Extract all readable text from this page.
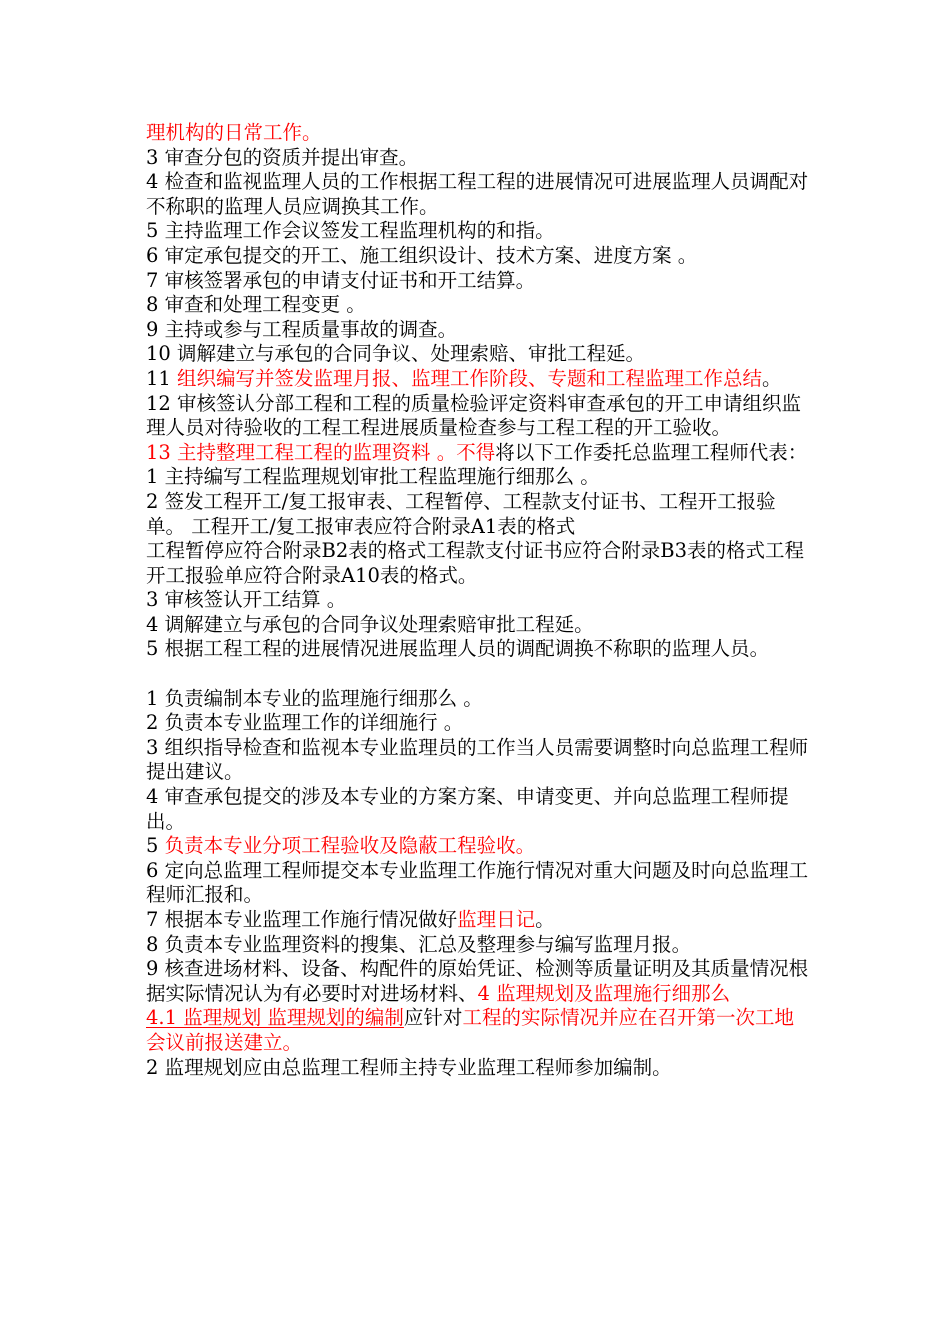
理机构的日常工作。

3 审查分包的资质并提出审查。

4 检查和监视监理人员的工作根据工程工程的进展情况可进展监理人员调配对不称职的监理人员应调换其工作。

5 主持监理工作会议签发工程监理机构的和指。

6 审定承包提交的开工、施工组织设计、技术方案、进度方案 。

7 审核签署承包的申请支付证书和开工结算。

8 审查和处理工程变更 。

9 主持或参与工程质量事故的调查。

10 调解建立与承包的合同争议、处理索赔、审批工程延。

11 组织编写并签发监理月报、监理工作阶段、专题和工程监理工作总结。

12 审核签认分部工程和工程的质量检验评定资料审查承包的开工申请组织监理人员对待验收的工程工程进展质量检查参与工程工程的开工验收。

13 主持整理工程工程的监理资料 。不得将以下工作委托总监理工程师代表：

1 主持编写工程监理规划审批工程监理施行细那么 。

2 签发工程开工/复工报审表、工程暂停、工程款支付证书、工程开工报验单。 工程开工/复工报审表应符合附录A1表的格式

工程暂停应符合附录B2表的格式工程款支付证书应符合附录B3表的格式工程开工报验单应符合附录A10表的格式。

3 审核签认开工结算 。

4 调解建立与承包的合同争议处理索赔审批工程延。

5 根据工程工程的进展情况进展监理人员的调配调换不称职的监理人员。

1 负责编制本专业的监理施行细那么 。

2 负责本专业监理工作的详细施行 。

3 组织指导检查和监视本专业监理员的工作当人员需要调整时向总监理工程师提出建议。

4 审查承包提交的涉及本专业的方案方案、申请变更、并向总监理工程师提出。

5 负责本专业分项工程验收及隐蔽工程验收。

6 定向总监理工程师提交本专业监理工作施行情况对重大问题及时向总监理工程师汇报和。

7 根据本专业监理工作施行情况做好监理日记。

8 负责本专业监理资料的搜集、汇总及整理参与编写监理月报。

9 核查进场材料、设备、构配件的原始凭证、检测等质量证明及其质量情况根据实际情况认为有必要时对进场材料、4 监理规划及监理施行细那么

4.1 监理规划 监理规划的编制应针对工程的实际情况并应在召开第一次工地会议前报送建立。

2 监理规划应由总监理工程师主持专业监理工程师参加编制。
